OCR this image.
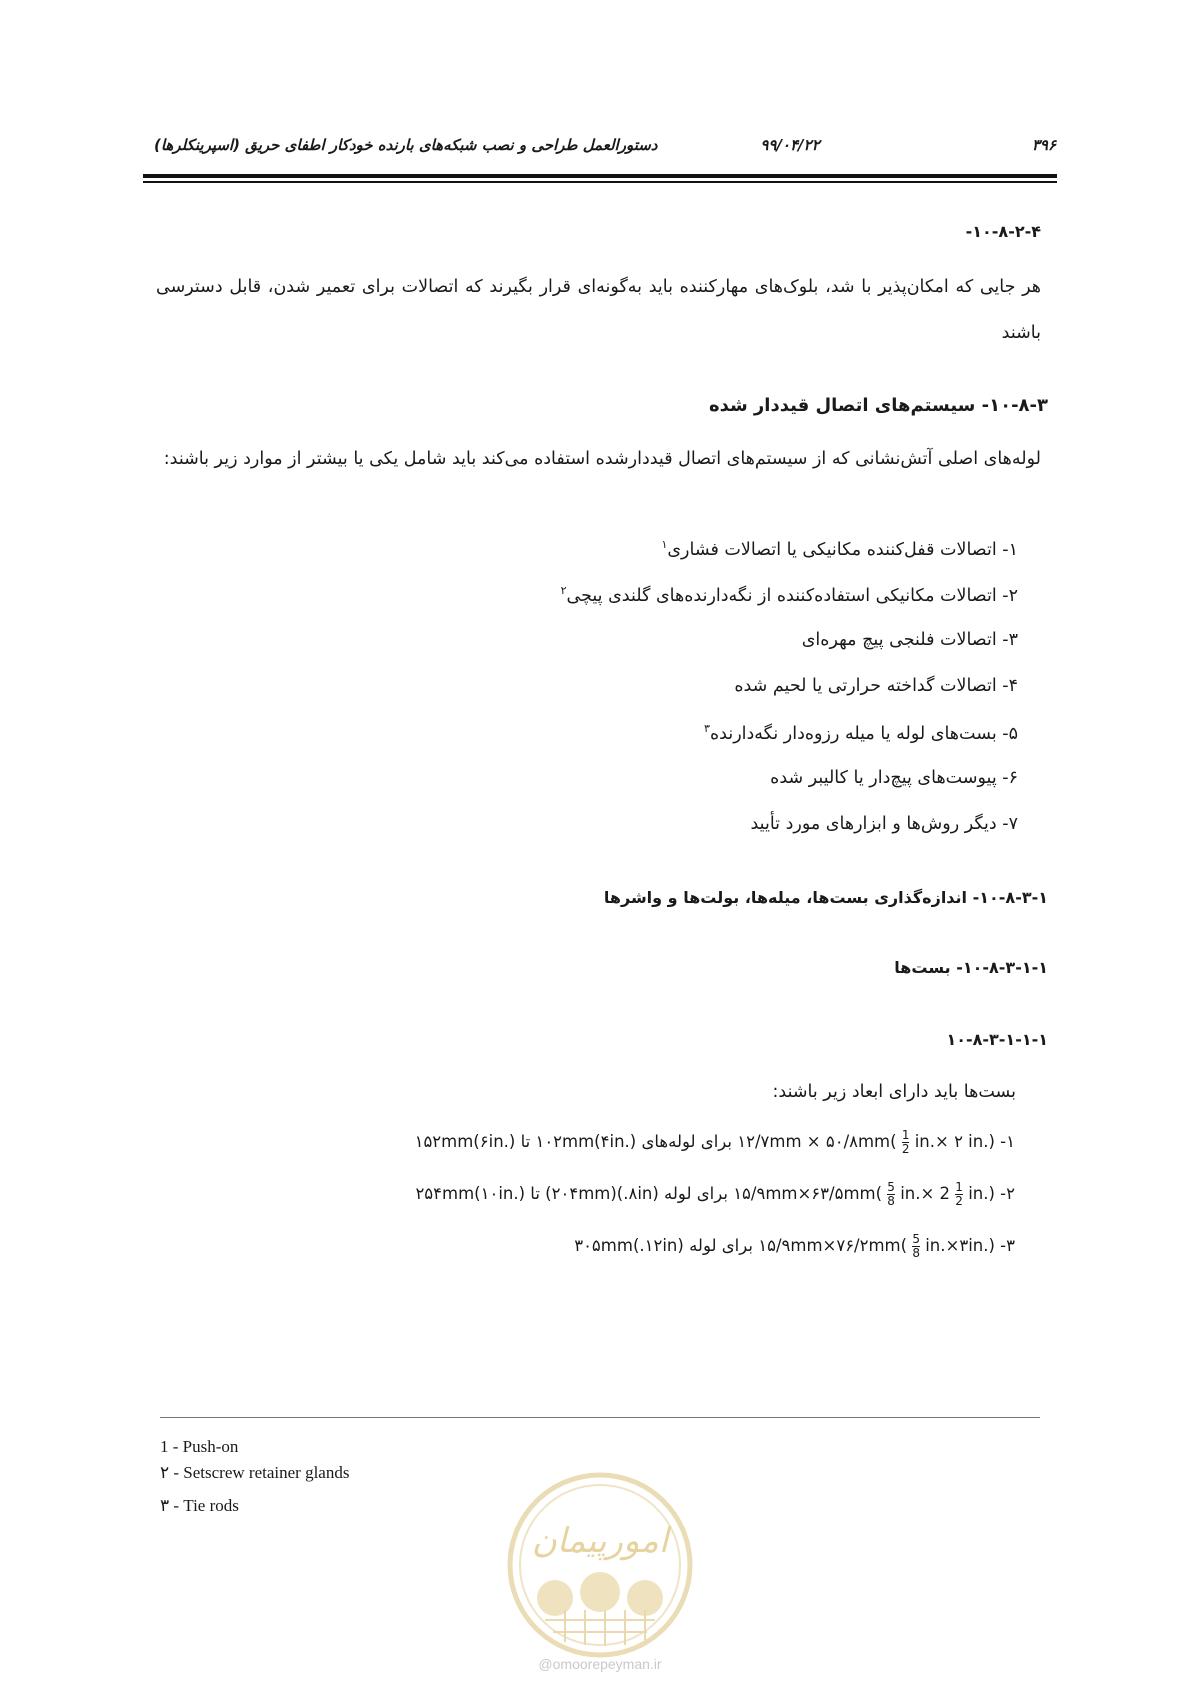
۳۹۶
۹۹/۰۴/۲۲
دستورالعمل طراحی و نصب شبکه‌های بارنده خودکار اطفای حریق (اسپرینکلرها)
۱۰-۸-۲-۴-
هر جایی که امکان‌پذیر با شد، بلوک‌های مهارکننده باید به‌گونه‌ای قرار بگیرند که اتصالات برای تعمیر شدن، قابل دسترسی باشند
۱۰-۸-۳- سیستم‌های اتصال قیددار شده
لوله‌های اصلی آتش‌نشانی که از سیستم‌های اتصال قیددار‌شده استفاده می‌کند باید شامل یکی یا بیشتر از موارد زیر باشند:
۱- اتصالات قفل‌کننده مکانیکی یا اتصالات فشاری$^۱$
۲- اتصالات مکانیکی استفاده‌کننده از نگه‌دارنده‌های گلندی پیچی$^۲$
۳- اتصالات فلنجی پیچ مهره‌ای
۴- اتصالات گداخته حرارتی یا لحیم شده
۵- بست‌های لوله یا میله رزوه‌دار نگه‌دارنده$^۳$
۶- پیوست‌های پیچ‌دار یا کالیبر شده
۷- دیگر روش‌ها و ابزارهای مورد تأیید
۱۰-۸-۳-۱- اندازه‌گذاری بست‌ها، میله‌ها، بولت‌ها و واشرها
۱۰-۸-۳-۱-۱- بست‌ها
۱۰-۸-۳-۱-۱-۱
بست‌ها باید دارای ابعاد زیر باشند:
۱- ۱۲/۷mm × ۵۰/۸mm(
$\frac{1}{2} in.\times$ ۲ in.) برای لوله‌های ۱۰۲mm(۴in.) تا ۱۵۲mm(۶in.)
۲- ۱۵/۹mm×۶۳/۵mm(
$\frac{5}{8} in.\times 2 \frac{1}{2} in$.) برای لوله (۸in.)(۲۰۴mm) تا ۲۵۴mm(۱۰in.)
۳- ۱۵/۹mm×۷۶/۲mm(
$\frac{5}{8}$ in.×۳in.) برای لوله (۱۲in.)۳۰۵mm
1 - Push-on
۲ - Setscrew retainer glands
۳ - Tie rods
امورپیمان
@omoorepeyman.ir
